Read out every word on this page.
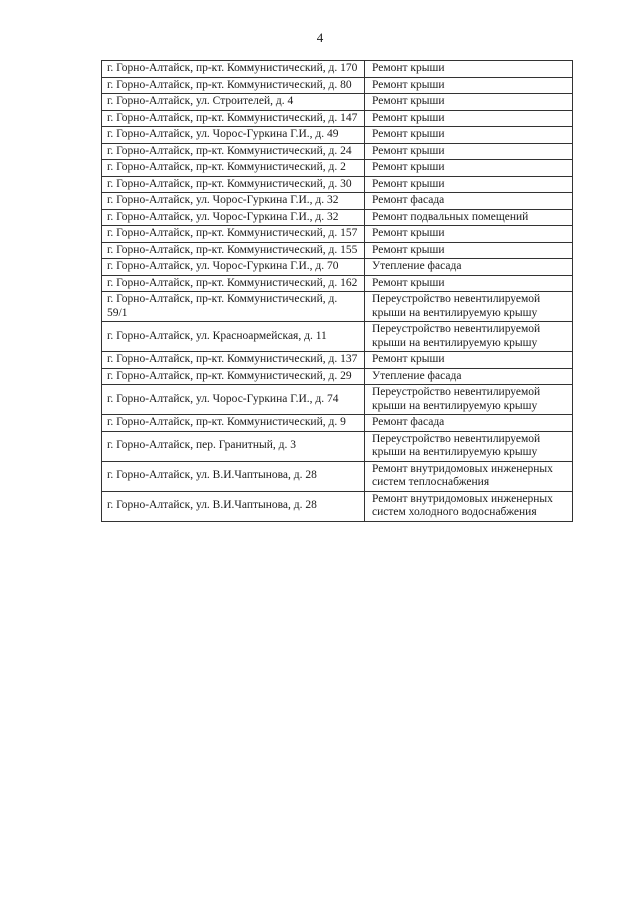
4
г. Горно-Алтайск, пр-кт. Коммунистический, д. 170	Ремонт крыши
г. Горно-Алтайск, пр-кт. Коммунистический, д. 80	Ремонт крыши
г. Горно-Алтайск, ул. Строителей, д. 4	Ремонт крыши
г. Горно-Алтайск, пр-кт. Коммунистический, д. 147	Ремонт крыши
г. Горно-Алтайск, ул. Чорос-Гуркина Г.И., д. 49	Ремонт крыши
г. Горно-Алтайск, пр-кт. Коммунистический, д. 24	Ремонт крыши
г. Горно-Алтайск, пр-кт. Коммунистический, д. 2	Ремонт крыши
г. Горно-Алтайск, пр-кт. Коммунистический, д. 30	Ремонт крыши
г. Горно-Алтайск, ул. Чорос-Гуркина Г.И., д. 32	Ремонт фасада
г. Горно-Алтайск, ул. Чорос-Гуркина Г.И., д. 32	Ремонт подвальных помещений
г. Горно-Алтайск, пр-кт. Коммунистический, д. 157	Ремонт крыши
г. Горно-Алтайск, пр-кт. Коммунистический, д. 155	Ремонт крыши
г. Горно-Алтайск, ул. Чорос-Гуркина Г.И., д. 70	Утепление фасада
г. Горно-Алтайск, пр-кт. Коммунистический, д. 162	Ремонт крыши
г. Горно-Алтайск, пр-кт. Коммунистический, д. 59/1	Переустройство невентилируемой крыши на вентилируемую крышу
г. Горно-Алтайск, ул. Красноармейская, д. 11	Переустройство невентилируемой крыши на вентилируемую крышу
г. Горно-Алтайск, пр-кт. Коммунистический, д. 137	Ремонт крыши
г. Горно-Алтайск, пр-кт. Коммунистический, д. 29	Утепление фасада
г. Горно-Алтайск, ул. Чорос-Гуркина Г.И., д. 74	Переустройство невентилируемой крыши на вентилируемую крышу
г. Горно-Алтайск, пр-кт. Коммунистический, д. 9	Ремонт фасада
г. Горно-Алтайск, пер. Гранитный, д. 3	Переустройство невентилируемой крыши на вентилируемую крышу
г. Горно-Алтайск, ул. В.И.Чаптынова, д. 28	Ремонт внутридомовых инженерных систем теплоснабжения
г. Горно-Алтайск, ул. В.И.Чаптынова, д. 28	Ремонт внутридомовых инженерных систем холодного водоснабжения
